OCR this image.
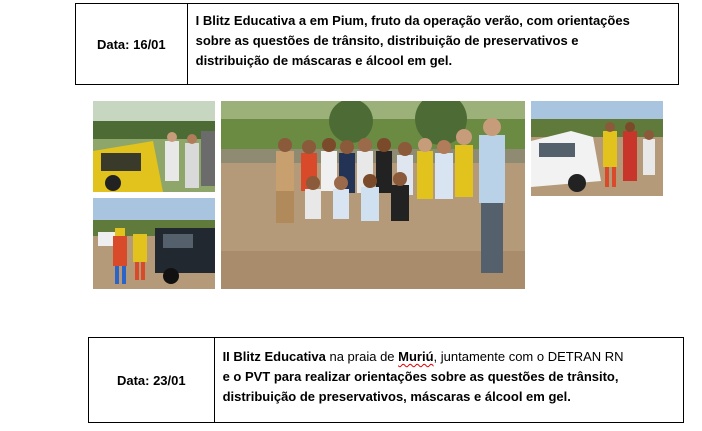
Data: 16/01
I Blitz Educativa a em Pium, fruto da operação verão, com orientações
sobre as questões de trânsito, distribuição de preservativos e
distribuição de máscaras e álcool em gel.
Data: 23/01
II Blitz Educativa na praia de Muriú, juntamente com o DETRAN RN
e o PVT para realizar orientações sobre as questões de trânsito,
distribuição de preservativos, máscaras e álcool em gel.
